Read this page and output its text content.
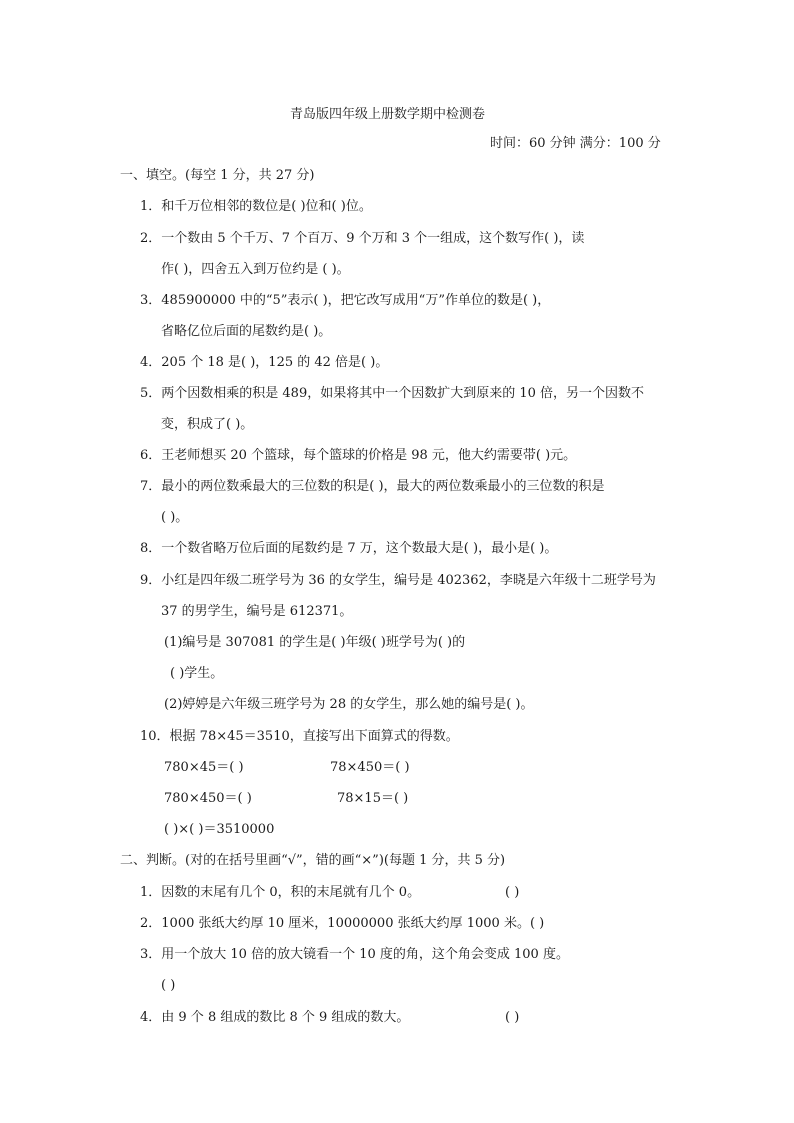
青岛版四年级上册数学期中检测卷
时间：60 分钟 满分：100 分
一、填空。(每空 1 分，共 27 分)
1．和千万位相邻的数位是( )位和( )位。
2．一个数由 5 个千万、7 个百万、9 个万和 3 个一组成，这个数写作( )，读
作( )，四舍五入到万位约是 ( )。
3．485900000 中的“5”表示( )，把它改写成用“万”作单位的数是( )，
省略亿位后面的尾数约是( )。
4．205 个 18 是( )，125 的 42 倍是( )。
5．两个因数相乘的积是 489，如果将其中一个因数扩大到原来的 10 倍，另一个因数不
变，积成了( )。
6．王老师想买 20 个篮球，每个篮球的价格是 98 元，他大约需要带( )元。
7．最小的两位数乘最大的三位数的积是( )，最大的两位数乘最小的三位数的积是
( )。
8．一个数省略万位后面的尾数约是 7 万，这个数最大是( )，最小是( )。
9．小红是四年级二班学号为 36 的女学生，编号是 402362，李晓是六年级十二班学号为
37 的男学生，编号是 612371。
(1)编号是 307081 的学生是( )年级( )班学号为( )的
( )学生。
(2)婷婷是六年级三班学号为 28 的女学生，那么她的编号是( )。
10．根据 78×45＝3510，直接写出下面算式的得数。
780×45＝( )	78×450＝( )
780×450＝( )	78×15＝( )
( )×( )＝3510000
二、判断。(对的在括号里画“√”，错的画“×”)(每题 1 分，共 5 分)
1．因数的末尾有几个 0，积的末尾就有几个 0。	( )
2．1000 张纸大约厚 10 厘米，10000000 张纸大约厚 1000 米。( )
3．用一个放大 10 倍的放大镜看一个 10 度的角，这个角会变成 100 度。
( )
4．由 9 个 8 组成的数比 8 个 9 组成的数大。	( )
